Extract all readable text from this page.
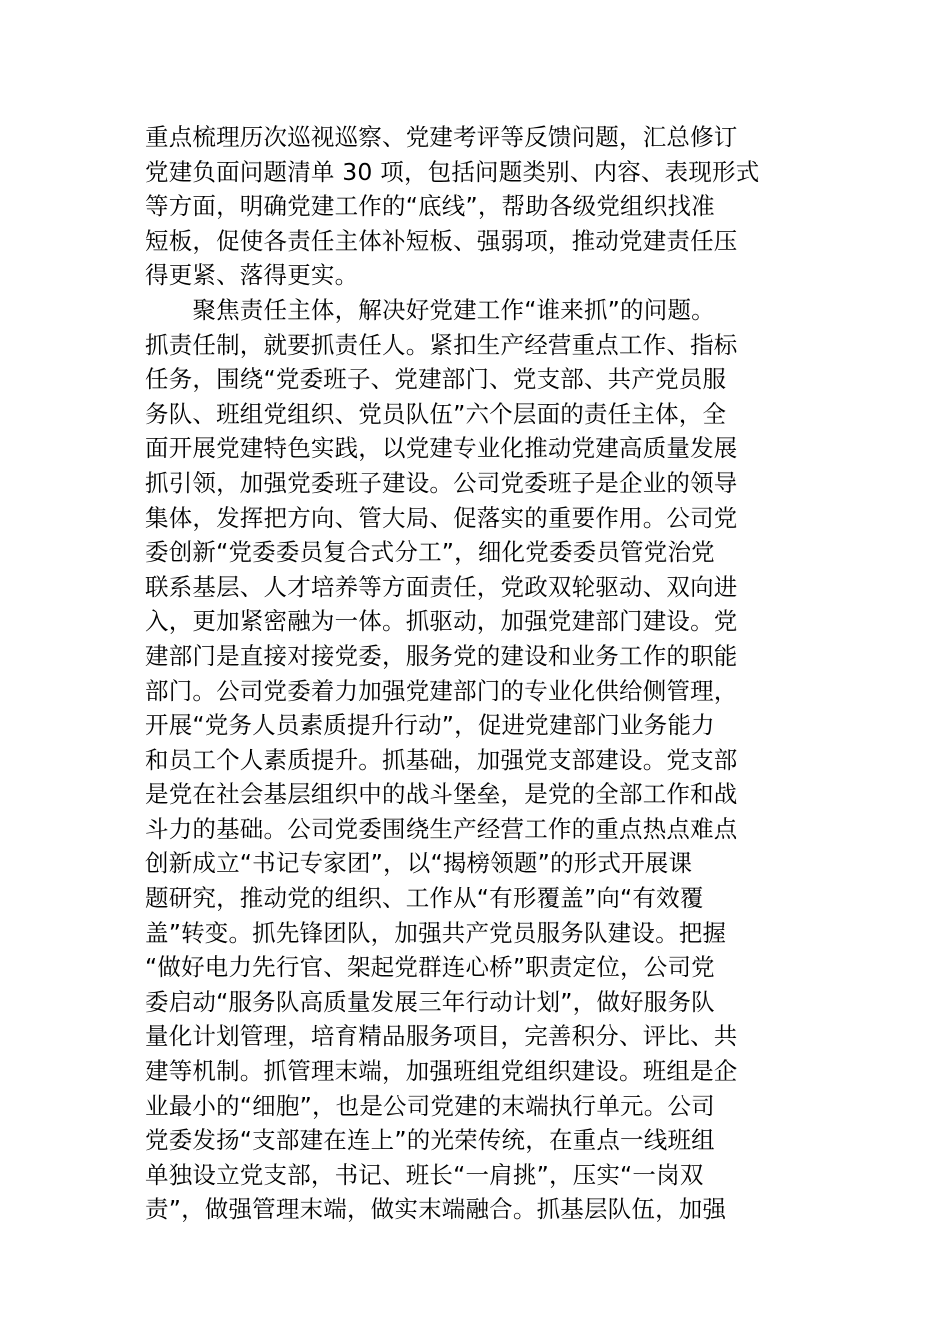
重点梳理历次巡视巡察、党建考评等反馈问题，汇总修订
党建负面问题清单 30 项，包括问题类别、内容、表现形式
等方面，明确党建工作的“底线”，帮助各级党组织找准
短板，促使各责任主体补短板、强弱项，推动党建责任压
得更紧、落得更实。
　　聚焦责任主体，解决好党建工作“谁来抓”的问题。
抓责任制，就要抓责任人。紧扣生产经营重点工作、指标
任务，围绕“党委班子、党建部门、党支部、共产党员服
务队、班组党组织、党员队伍”六个层面的责任主体，全
面开展党建特色实践，以党建专业化推动党建高质量发展
抓引领，加强党委班子建设。公司党委班子是企业的领导
集体，发挥把方向、管大局、促落实的重要作用。公司党
委创新“党委委员复合式分工”，细化党委委员管党治党
联系基层、人才培养等方面责任，党政双轮驱动、双向进
入，更加紧密融为一体。抓驱动，加强党建部门建设。党
建部门是直接对接党委，服务党的建设和业务工作的职能
部门。公司党委着力加强党建部门的专业化供给侧管理，
开展“党务人员素质提升行动”，促进党建部门业务能力
和员工个人素质提升。抓基础，加强党支部建设。党支部
是党在社会基层组织中的战斗堡垒，是党的全部工作和战
斗力的基础。公司党委围绕生产经营工作的重点热点难点
创新成立“书记专家团”，以“揭榜领题”的形式开展课
题研究，推动党的组织、工作从“有形覆盖”向“有效覆
盖”转变。抓先锋团队，加强共产党员服务队建设。把握
“做好电力先行官、架起党群连心桥”职责定位，公司党
委启动“服务队高质量发展三年行动计划”，做好服务队
量化计划管理，培育精品服务项目，完善积分、评比、共
建等机制。抓管理末端，加强班组党组织建设。班组是企
业最小的“细胞”，也是公司党建的末端执行单元。公司
党委发扬“支部建在连上”的光荣传统，在重点一线班组
单独设立党支部，书记、班长“一肩挑”，压实“一岗双
责”，做强管理末端，做实末端融合。抓基层队伍，加强
